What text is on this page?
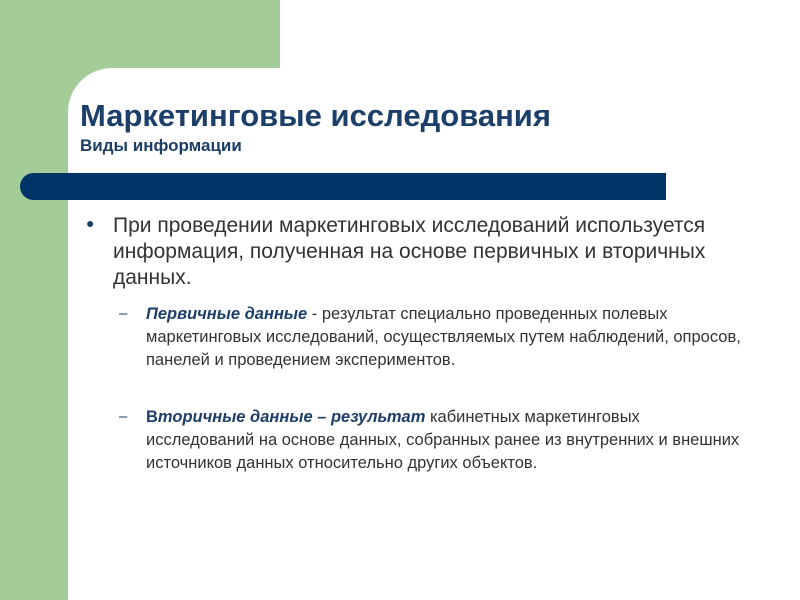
Маркетинговые исследования
Виды информации
● При проведении маркетинговых исследований используется информация, полученная на основе первичных и вторичных данных.
– Первичные данные - результат специально проведенных полевых маркетинговых исследований, осуществляемых путем наблюдений, опросов, панелей и проведением экспериментов.
– Вторичные данные – результат кабинетных маркетинговых исследований на основе данных, собранных ранее из внутренних и внешних источников данных относительно других объектов.
